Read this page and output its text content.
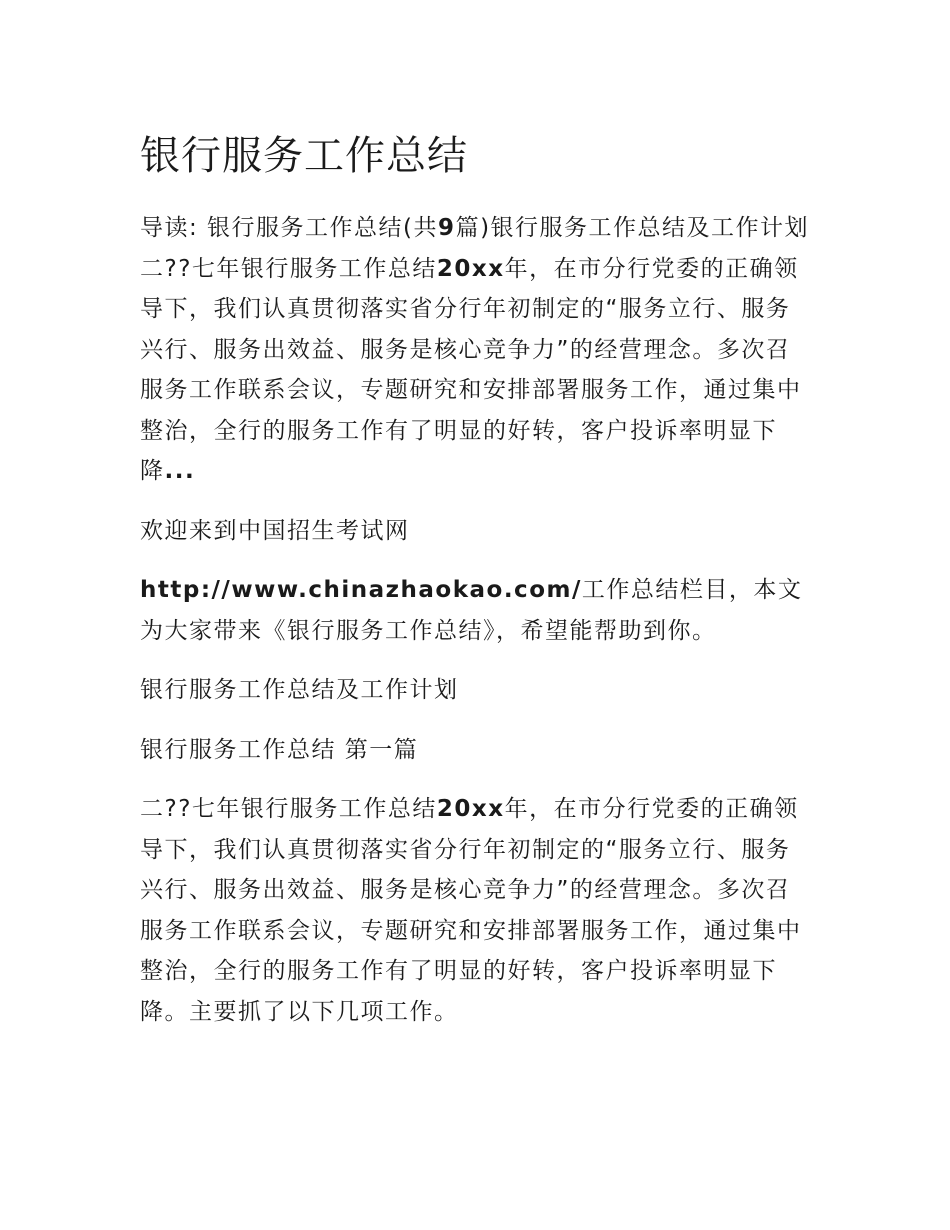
银行服务工作总结

导读: 银行服务工作总结(共9篇)银行服务工作总结及工作计划二??七年银行服务工作总结20xx年，在市分行党委的正确领导下，我们认真贯彻落实省分行年初制定的“服务立行、服务兴行、服务出效益、服务是核心竞争力”的经营理念。多次召服务工作联系会议，专题研究和安排部署服务工作，通过集中整治，全行的服务工作有了明显的好转，客户投诉率明显下降...

欢迎来到中国招生考试网

http://www.chinazhaokao.com/工作总结栏目，本文为大家带来《银行服务工作总结》，希望能帮助到你。

银行服务工作总结及工作计划

银行服务工作总结 第一篇

二??七年银行服务工作总结20xx年，在市分行党委的正确领导下，我们认真贯彻落实省分行年初制定的“服务立行、服务兴行、服务出效益、服务是核心竞争力”的经营理念。多次召服务工作联系会议，专题研究和安排部署服务工作，通过集中整治，全行的服务工作有了明显的好转，客户投诉率明显下降。主要抓了以下几项工作。
